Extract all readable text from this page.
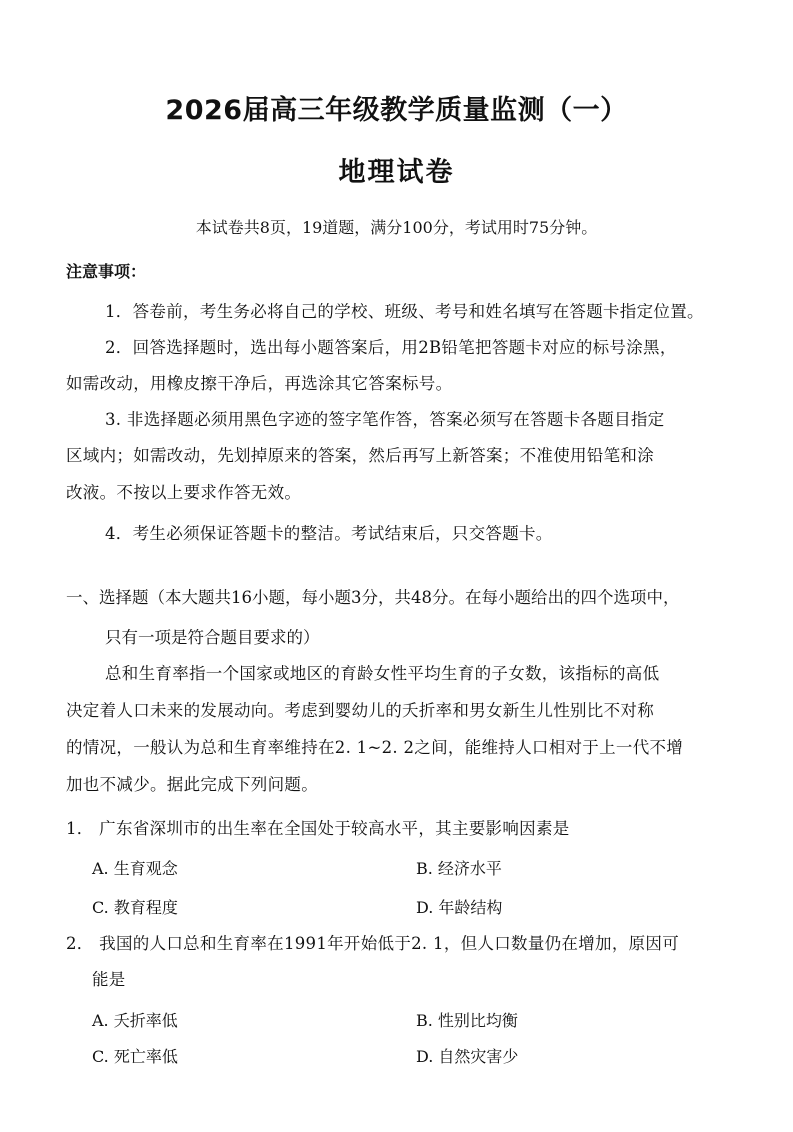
2026届高三年级教学质量监测（一）
地理试卷
本试卷共8页，19道题，满分100分，考试用时75分钟。
注意事项：
1．答卷前，考生务必将自己的学校、班级、考号和姓名填写在答题卡指定位置。
2．回答选择题时，选出每小题答案后，用2B铅笔把答题卡对应的标号涂黑，
如需改动，用橡皮擦干净后，再选涂其它答案标号。
3. 非选择题必须用黑色字迹的签字笔作答，答案必须写在答题卡各题目指定
区域内；如需改动，先划掉原来的答案，然后再写上新答案；不准使用铅笔和涂
改液。不按以上要求作答无效。
4．考生必须保证答题卡的整洁。考试结束后，只交答题卡。
一、选择题（本大题共16小题，每小题3分，共48分。在每小题给出的四个选项中，
只有一项是符合题目要求的）
总和生育率指一个国家或地区的育龄女性平均生育的子女数，该指标的高低
决定着人口未来的发展动向。考虑到婴幼儿的夭折率和男女新生儿性别比不对称
的情况，一般认为总和生育率维持在2. 1~2. 2之间，能维持人口相对于上一代不增
加也不减少。据此完成下列问题。
1． 广东省深圳市的出生率在全国处于较高水平，其主要影响因素是
A. 生育观念	B. 经济水平
C. 教育程度	D. 年龄结构
2． 我国的人口总和生育率在1991年开始低于2. 1，但人口数量仍在增加，原因可
能是
A. 夭折率低	B. 性别比均衡
C. 死亡率低	D. 自然灾害少
